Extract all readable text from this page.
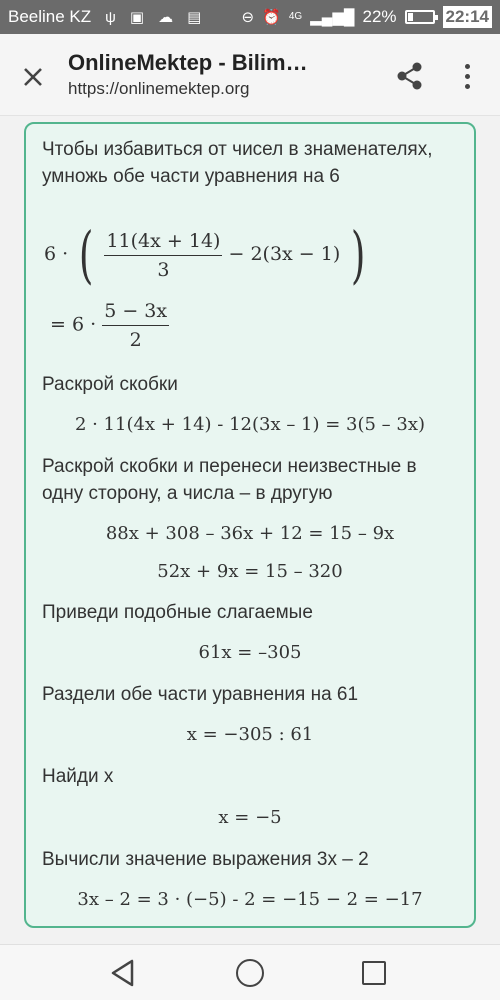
Beeline KZ ψ ▣ ☁ ▤	⊖ ⏰ 4G ▂▄▆█ 22%	22:14
OnlineMektep - Bilim…
https://onlinemektep.org

Чтобы избавиться от чисел в знаменателях, умножь обе части уравнения на 6

6 · ( $\frac{11(4x + 14)}{3} - 2(3x - 1)$ )
= $6 \cdot \frac{5 - 3x}{2}$

Раскрой скобки

2 · 11(4x + 14) - 12(3x – 1) = 3(5 – 3x)

Раскрой скобки и перенеси неизвестные в одну сторону, а числа – в другую

88x + 308 – 36x + 12 = 15 – 9x
52x + 9x = 15 – 320

Приведи подобные слагаемые

61x = –305

Раздели обе части уравнения на 61

x = −305 : 61

Найди x

x = −5

Вычисли значение выражения 3x – 2

3x – 2 = 3 · (−5) - 2 = −15 − 2 = −17
